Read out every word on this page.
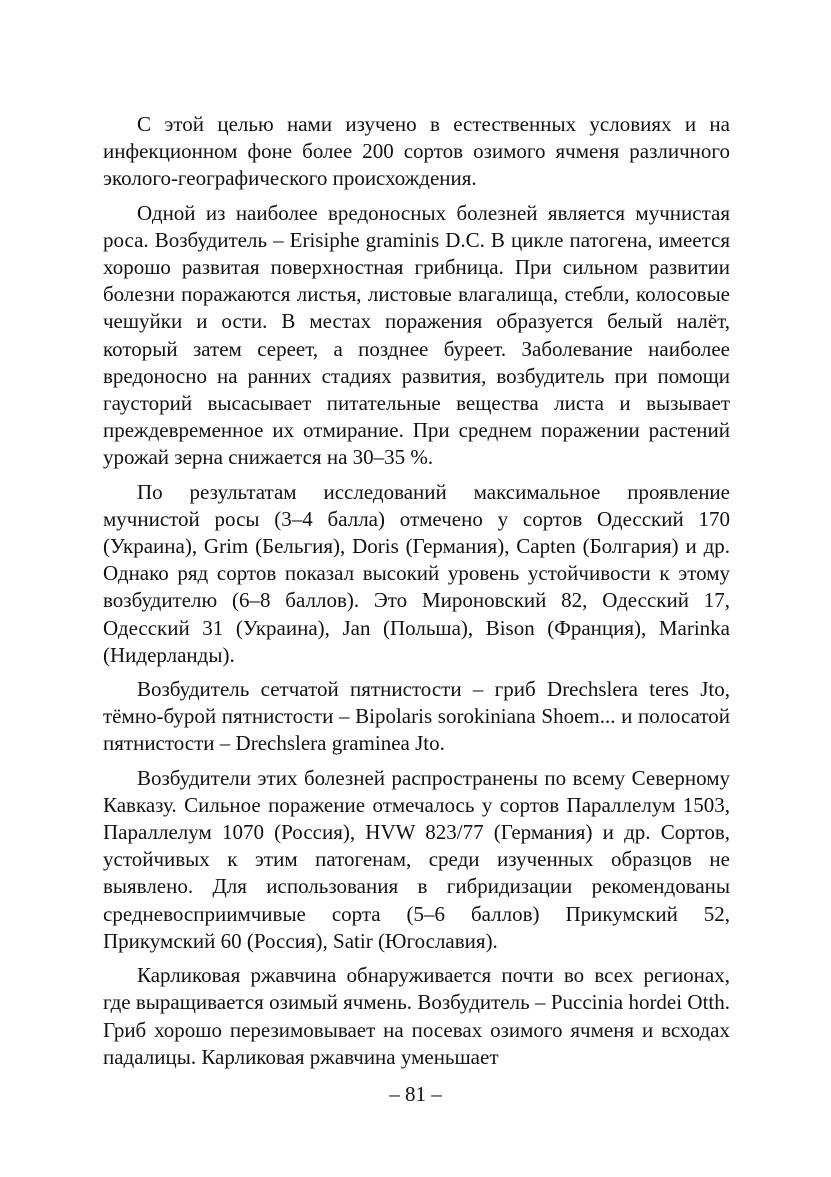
С этой целью нами изучено в естественных условиях и на инфекционном фоне более 200 сортов озимого ячменя различного эколого-географического происхождения.

Одной из наиболее вредоносных болезней является мучнистая роса. Возбудитель – Erisiphe graminis D.C. В цикле патогена, имеется хорошо развитая поверхностная грибница. При сильном развитии болезни поражаются листья, листовые влагалища, стебли, колосовые чешуйки и ости. В местах поражения образуется белый налёт, который затем сереет, а позднее буреет. Заболевание наиболее вредоносно на ранних стадиях развития, возбудитель при помощи гаусторий высасывает питательные вещества листа и вызывает преждевременное их отмирание. При среднем поражении растений урожай зерна снижается на 30–35 %.

По результатам исследований максимальное проявление мучнистой росы (3–4 балла) отмечено у сортов Одесский 170 (Украина), Grim (Бельгия), Doris (Германия), Capten (Болгария) и др. Однако ряд сортов показал высокий уровень устойчивости к этому возбудителю (6–8 баллов). Это Мироновский 82, Одесский 17, Одесский 31 (Украина), Jan (Польша), Bison (Франция), Marinka (Нидерланды).

Возбудитель сетчатой пятнистости – гриб Drechslera teres Jto, тёмно-бурой пятнистости – Bipolaris sorokiniana Shoem... и полосатой пятнистости – Drechslera graminea Jto.

Возбудители этих болезней распространены по всему Северному Кавказу. Сильное поражение отмечалось у сортов Параллелум 1503, Параллелум 1070 (Россия), HVW 823/77 (Германия) и др. Сортов, устойчивых к этим патогенам, среди изученных образцов не выявлено. Для использования в гибридизации рекомендованы средневосприимчивые сорта (5–6 баллов) Прикумский 52, Прикумский 60 (Россия), Satir (Югославия).

Карликовая ржавчина обнаруживается почти во всех регионах, где выращивается озимый ячмень. Возбудитель – Puccinia hordei Otth. Гриб хорошо перезимовывает на посевах озимого ячменя и всходах падалицы. Карликовая ржавчина уменьшает

– 81 –
